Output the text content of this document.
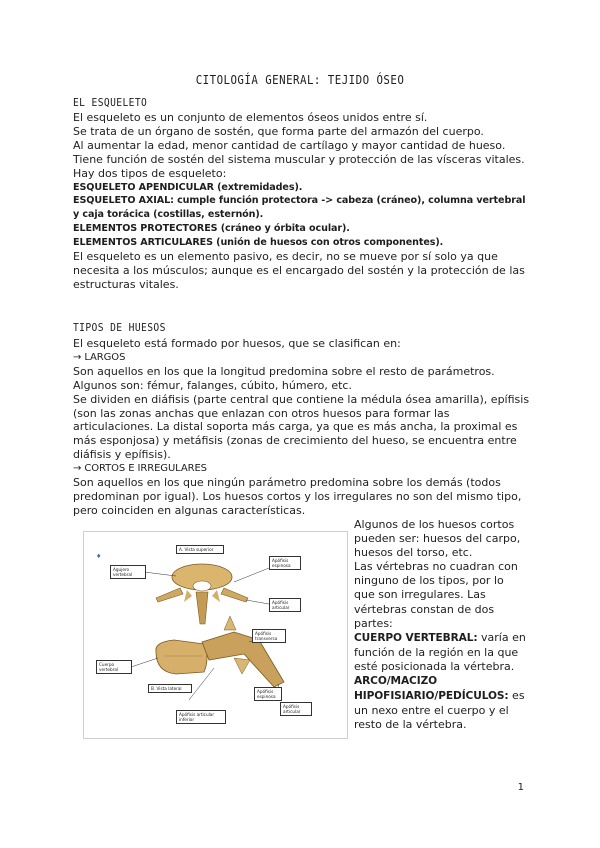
CITOLOGÍA GENERAL: TEJIDO ÓSEO
EL ESQUELETO

El esqueleto es un conjunto de elementos óseos unidos entre sí.

Se trata de un órgano de sostén, que forma parte del armazón del cuerpo.

Al aumentar la edad, menor cantidad de cartílago y mayor cantidad de hueso.

Tiene función de sostén del sistema muscular y protección de las vísceras vitales.

Hay dos tipos de esqueleto:

ESQUELETO APENDICULAR (extremidades).

ESQUELETO AXIAL: cumple función protectora -> cabeza (cráneo), columna vertebral y caja torácica (costillas, esternón).

ELEMENTOS PROTECTORES (cráneo y órbita ocular).

ELEMENTOS ARTICULARES (unión de huesos con otros componentes).

El esqueleto es un elemento pasivo, es decir, no se mueve por sí solo ya que necesita a los músculos; aunque es el encargado del sostén y la protección de las estructuras vitales.

TIPOS DE HUESOS

El esqueleto está formado por huesos, que se clasifican en:

→ LARGOS

Son aquellos en los que la longitud predomina sobre el resto de parámetros.

Algunos son: fémur, falanges, cúbito, húmero, etc.

Se dividen en diáfisis (parte central que contiene la médula ósea amarilla), epífisis (son las zonas anchas que enlazan con otros huesos para formar las articulaciones. La distal soporta más carga, ya que es más ancha, la proximal es más esponjosa) y metáfisis (zonas de crecimiento del hueso, se encuentra entre diáfisis y epífisis).

→ CORTOS E IRREGULARES

Son aquellos en los que ningún parámetro predomina sobre los demás (todos predominan por igual). Los huesos cortos y los irregulares no son del mismo tipo, pero coinciden en algunas características.

♦
A. Vista superior
Apófisis espinosa
Apófisis articular
Agujero vertebral
Apófisis transversa
Apófisis articular
Cuerpo vertebral
B. Vista lateral
Apófisis espinosa
Apófisis articular inferior

Algunos de los huesos cortos pueden ser: huesos del carpo, huesos del torso, etc.

Las vértebras no cuadran con ninguno de los tipos, por lo que son irregulares. Las vértebras constan de dos partes:

CUERPO VERTEBRAL: varía en función de la región en la que esté posicionada la vértebra.

ARCO/MACIZO HIPOFISIARIO/PEDÍCULOS: es un nexo entre el cuerpo y el resto de la vértebra.

1
